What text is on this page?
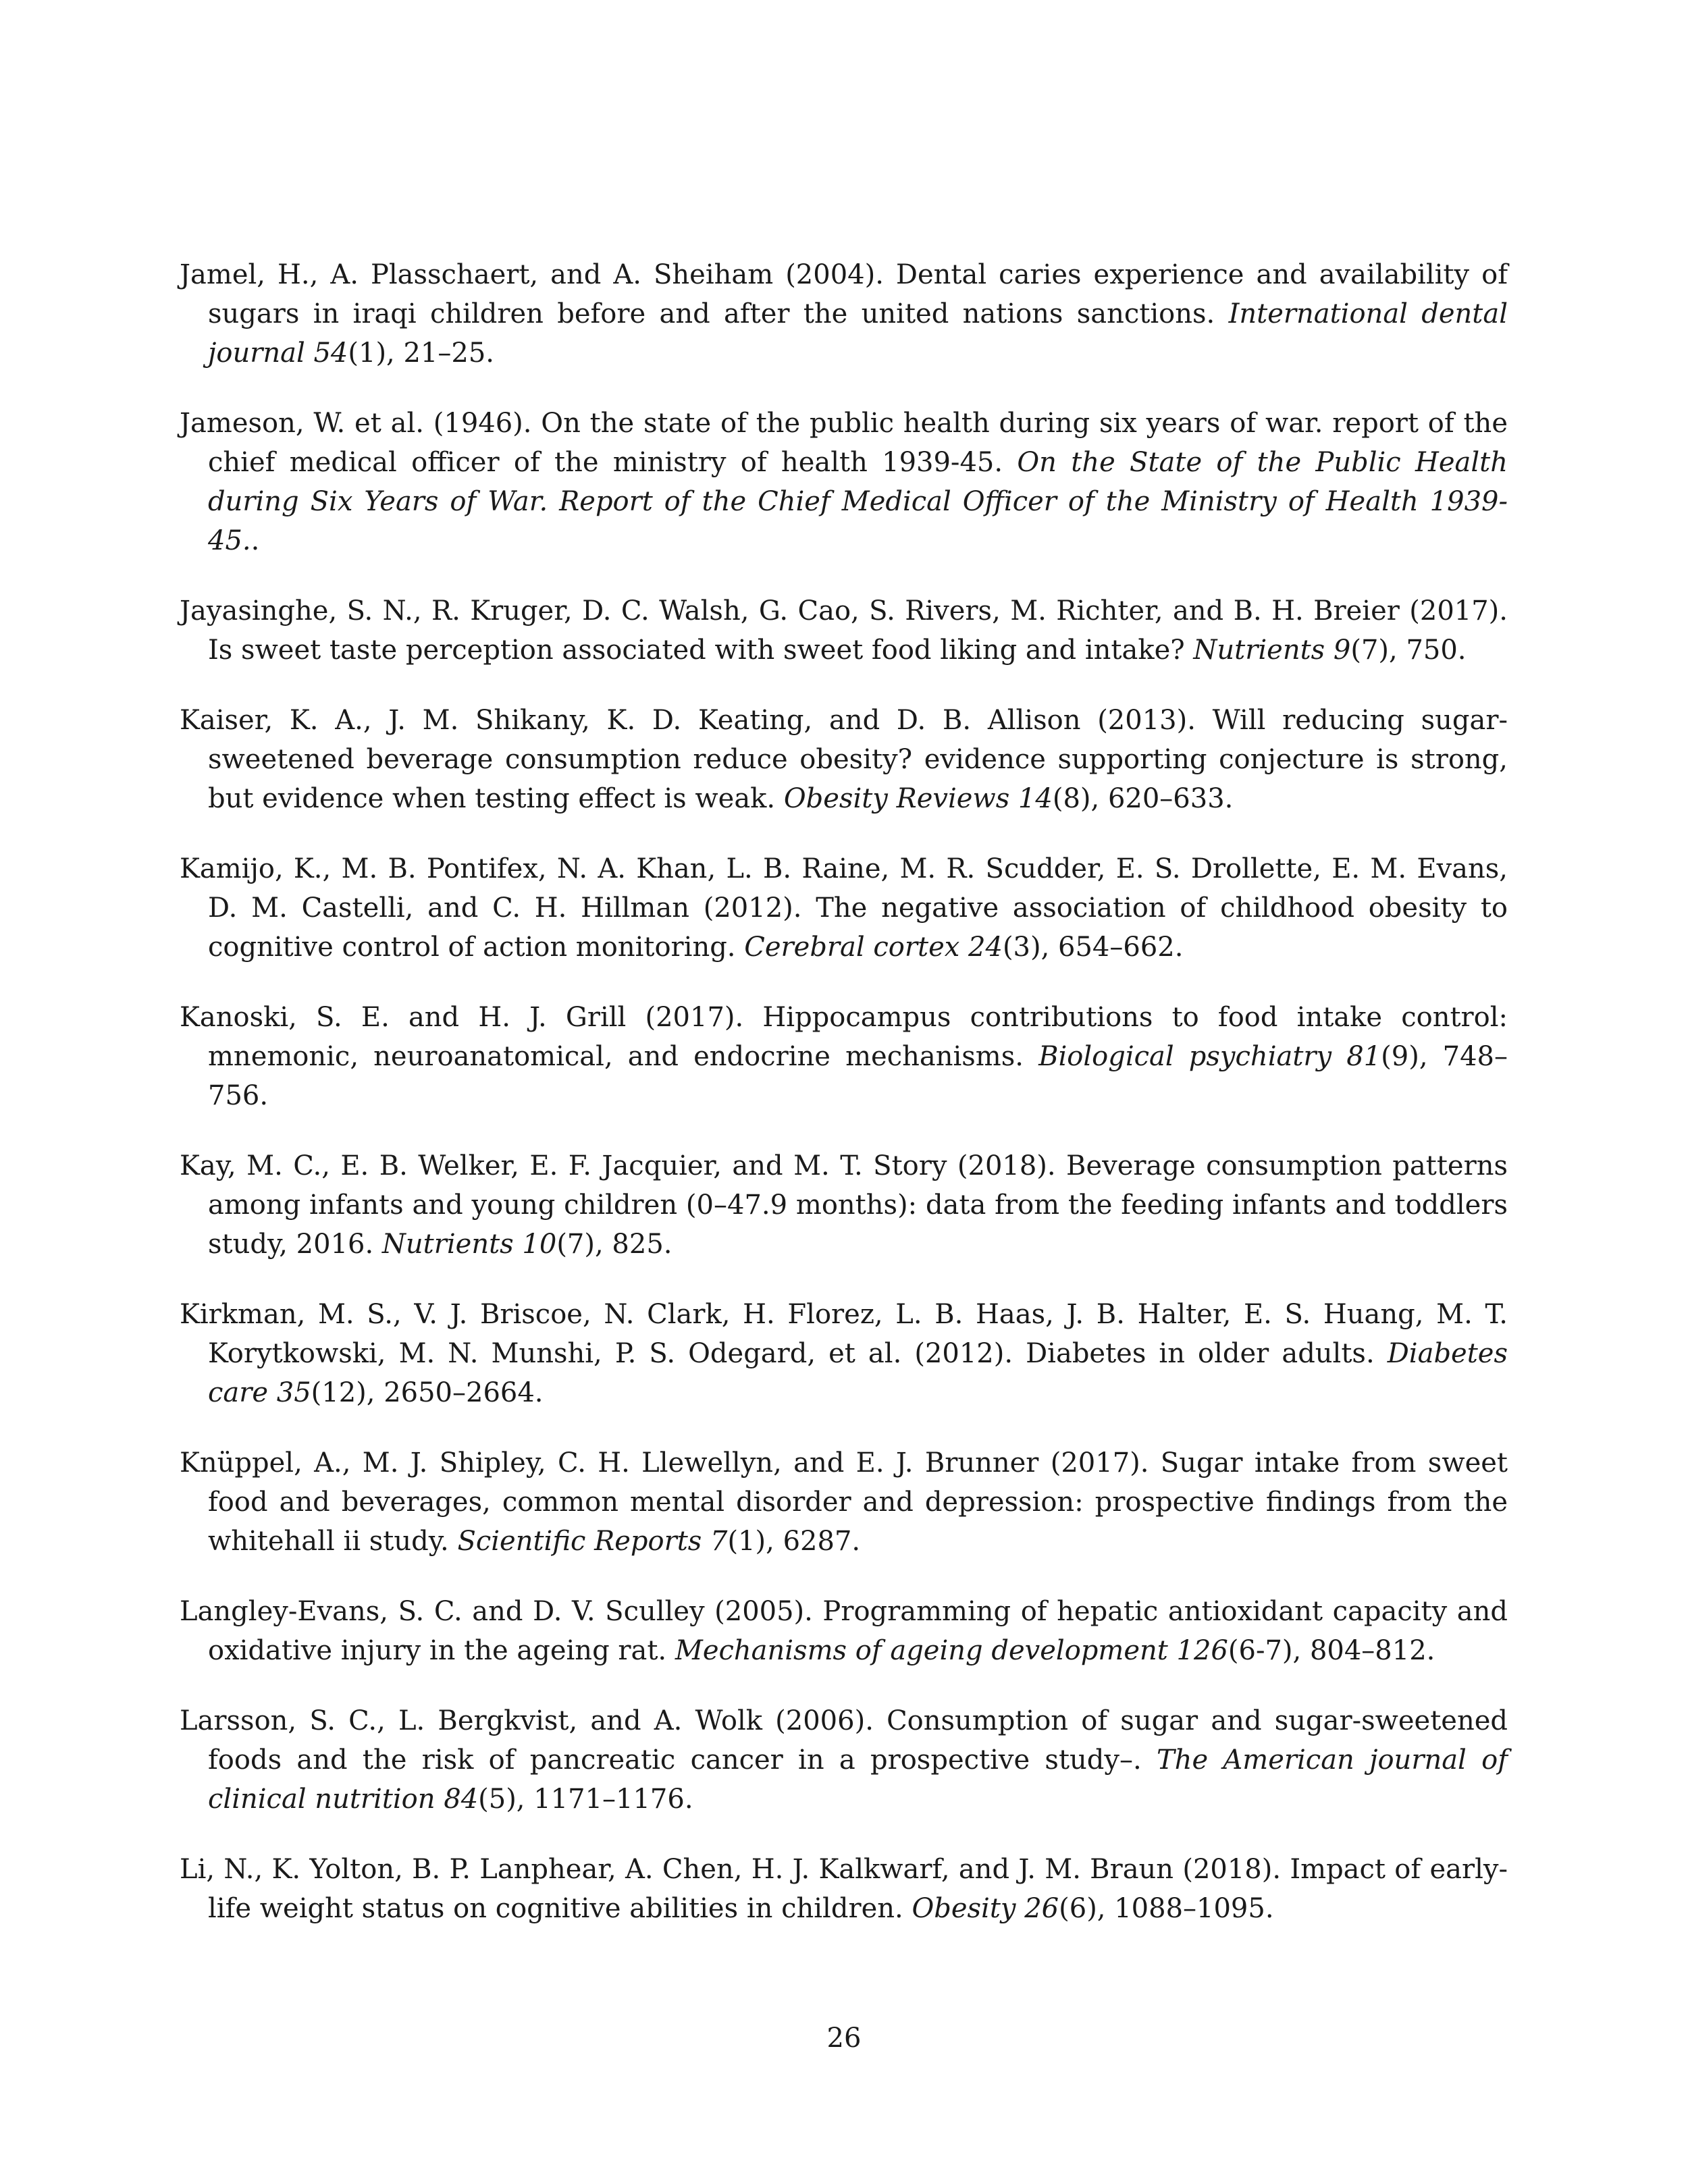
Jamel, H., A. Plasschaert, and A. Sheiham (2004). Dental caries experience and availability of sugars in iraqi children before and after the united nations sanctions. International dental journal 54(1), 21–25.

Jameson, W. et al. (1946). On the state of the public health during six years of war. report of the chief medical officer of the ministry of health 1939-45. On the State of the Public Health during Six Years of War. Report of the Chief Medical Officer of the Ministry of Health 1939-45..

Jayasinghe, S. N., R. Kruger, D. C. Walsh, G. Cao, S. Rivers, M. Richter, and B. H. Breier (2017). Is sweet taste perception associated with sweet food liking and intake? Nutrients 9(7), 750.

Kaiser, K. A., J. M. Shikany, K. D. Keating, and D. B. Allison (2013). Will reducing sugar-sweetened beverage consumption reduce obesity? evidence supporting conjecture is strong, but evidence when testing effect is weak. Obesity Reviews 14(8), 620–633.

Kamijo, K., M. B. Pontifex, N. A. Khan, L. B. Raine, M. R. Scudder, E. S. Drollette, E. M. Evans, D. M. Castelli, and C. H. Hillman (2012). The negative association of childhood obesity to cognitive control of action monitoring. Cerebral cortex 24(3), 654–662.

Kanoski, S. E. and H. J. Grill (2017). Hippocampus contributions to food intake control: mnemonic, neuroanatomical, and endocrine mechanisms. Biological psychiatry 81(9), 748–756.

Kay, M. C., E. B. Welker, E. F. Jacquier, and M. T. Story (2018). Beverage consumption patterns among infants and young children (0–47.9 months): data from the feeding infants and toddlers study, 2016. Nutrients 10(7), 825.

Kirkman, M. S., V. J. Briscoe, N. Clark, H. Florez, L. B. Haas, J. B. Halter, E. S. Huang, M. T. Korytkowski, M. N. Munshi, P. S. Odegard, et al. (2012). Diabetes in older adults. Diabetes care 35(12), 2650–2664.

Knüppel, A., M. J. Shipley, C. H. Llewellyn, and E. J. Brunner (2017). Sugar intake from sweet food and beverages, common mental disorder and depression: prospective findings from the whitehall ii study. Scientific Reports 7(1), 6287.

Langley-Evans, S. C. and D. V. Sculley (2005). Programming of hepatic antioxidant capacity and oxidative injury in the ageing rat. Mechanisms of ageing development 126(6-7), 804–812.

Larsson, S. C., L. Bergkvist, and A. Wolk (2006). Consumption of sugar and sugar-sweetened foods and the risk of pancreatic cancer in a prospective study–. The American journal of clinical nutrition 84(5), 1171–1176.

Li, N., K. Yolton, B. P. Lanphear, A. Chen, H. J. Kalkwarf, and J. M. Braun (2018). Impact of early-life weight status on cognitive abilities in children. Obesity 26(6), 1088–1095.

26
